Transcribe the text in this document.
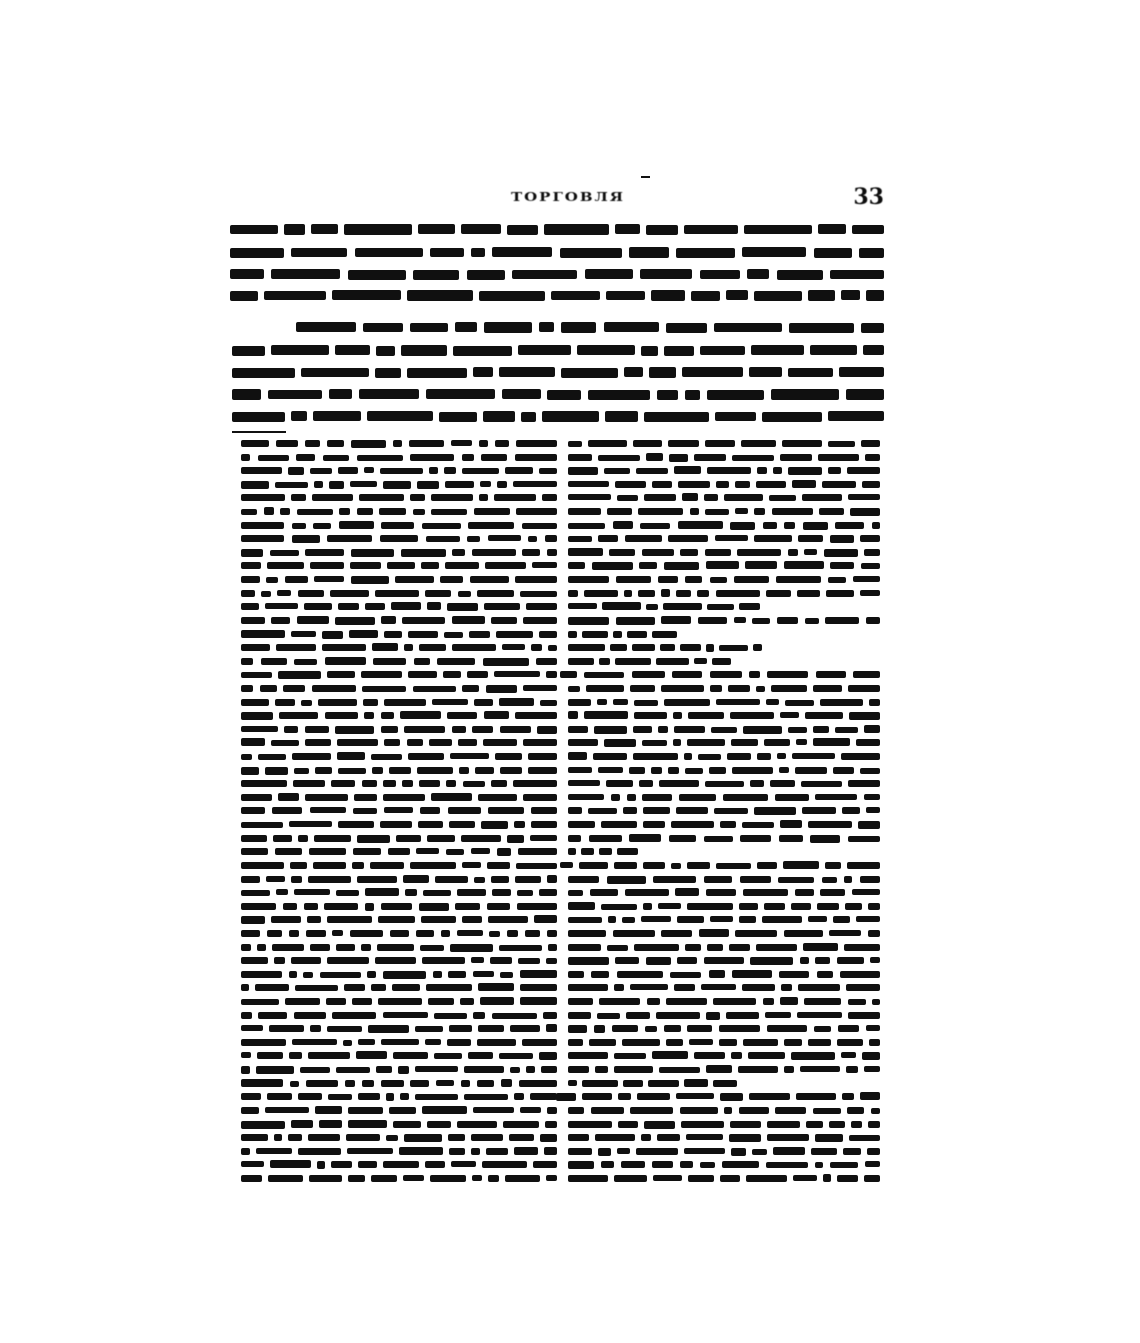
ТОРГОВЛЯ	33
